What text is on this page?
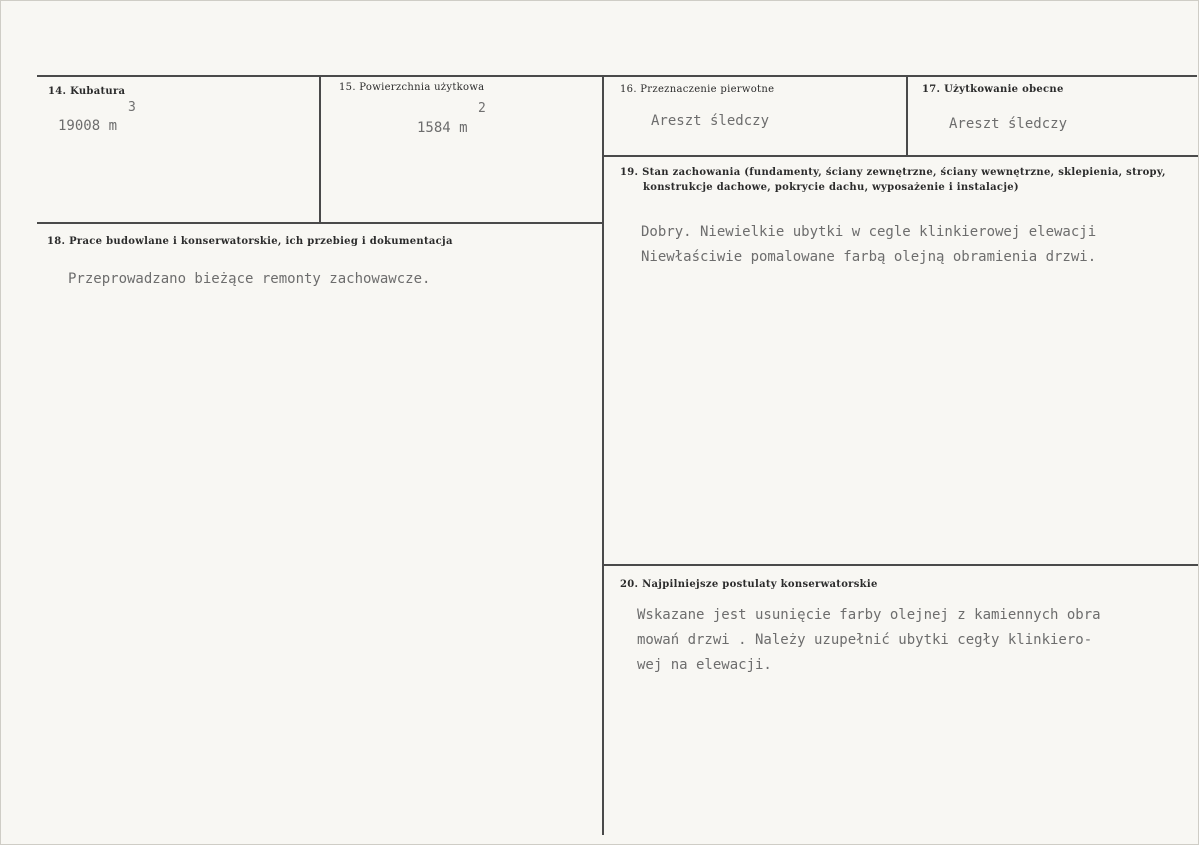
14. Kubatura
19008 m
3
15. Powierzchnia użytkowa
1584 m
2
16. Przeznaczenie pierwotne
Areszt śledczy
17. Użytkowanie obecne
Areszt śledczy
18. Prace budowlane i konserwatorskie, ich przebieg i dokumentacja
Przeprowadzano bieżące remonty zachowawcze.
19. Stan zachowania (fundamenty, ściany zewnętrzne, ściany wewnętrzne, sklepienia, stropy,
konstrukcje dachowe, pokrycie dachu, wyposażenie i instalacje)
Dobry. Niewielkie ubytki w cegle klinkierowej elewacji
Niewłaściwie pomalowane farbą olejną obramienia drzwi.
20. Najpilniejsze postulaty konserwatorskie
Wskazane jest usunięcie farby olejnej z kamiennych obra
mowań drzwi . Należy uzupełnić ubytki cegły klinkiero-
wej na elewacji.
